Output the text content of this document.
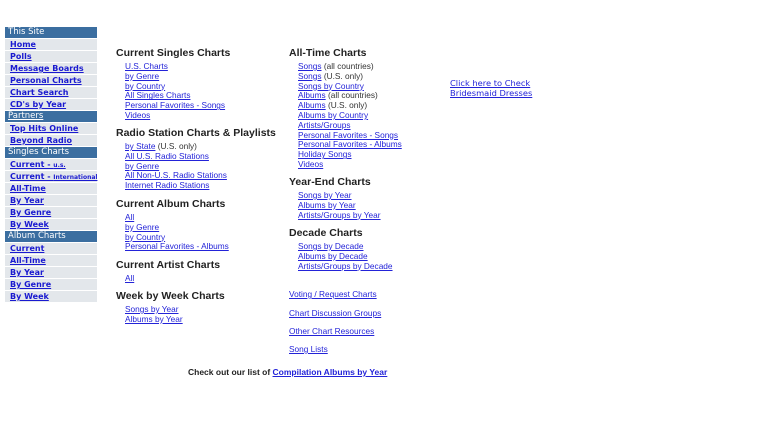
This Site
Home
Polls
Message Boards
Personal Charts
Chart Search
CD's by Year
Partners
Top Hits Online
Beyond Radio
Singles Charts
Current - u.s.
Current - International
All-Time
By Year
By Genre
By Week
Album Charts
Current
All-Time
By Year
By Genre
By Week
Current Singles Charts
U.S. Charts
by Genre
by Country
All Singles Charts
Personal Favorites - Songs
Videos
Radio Station Charts & Playlists
by State (U.S. only)
All U.S. Radio Stations
by Genre
All Non-U.S. Radio Stations
Internet Radio Stations
Current Album Charts
All
by Genre
by Country
Personal Favorites - Albums
Current Artist Charts
All
Week by Week Charts
Songs by Year
Albums by Year
All-Time Charts
Songs (all countries)
Songs (U.S. only)
Songs by Country
Albums (all countries)
Albums (U.S. only)
Albums by Country
Artists/Groups
Personal Favorites - Songs
Personal Favorites - Albums
Holiday Songs
Videos
Year-End Charts
Songs by Year
Albums by Year
Artists/Groups by Year
Decade Charts
Songs by Decade
Albums by Decade
Artists/Groups by Decade
Voting / Request Charts
Chart Discussion Groups
Other Chart Resources
Song Lists
Click here to Check
Bridesmaid Dresses
Check out our list of Compilation Albums by Year
